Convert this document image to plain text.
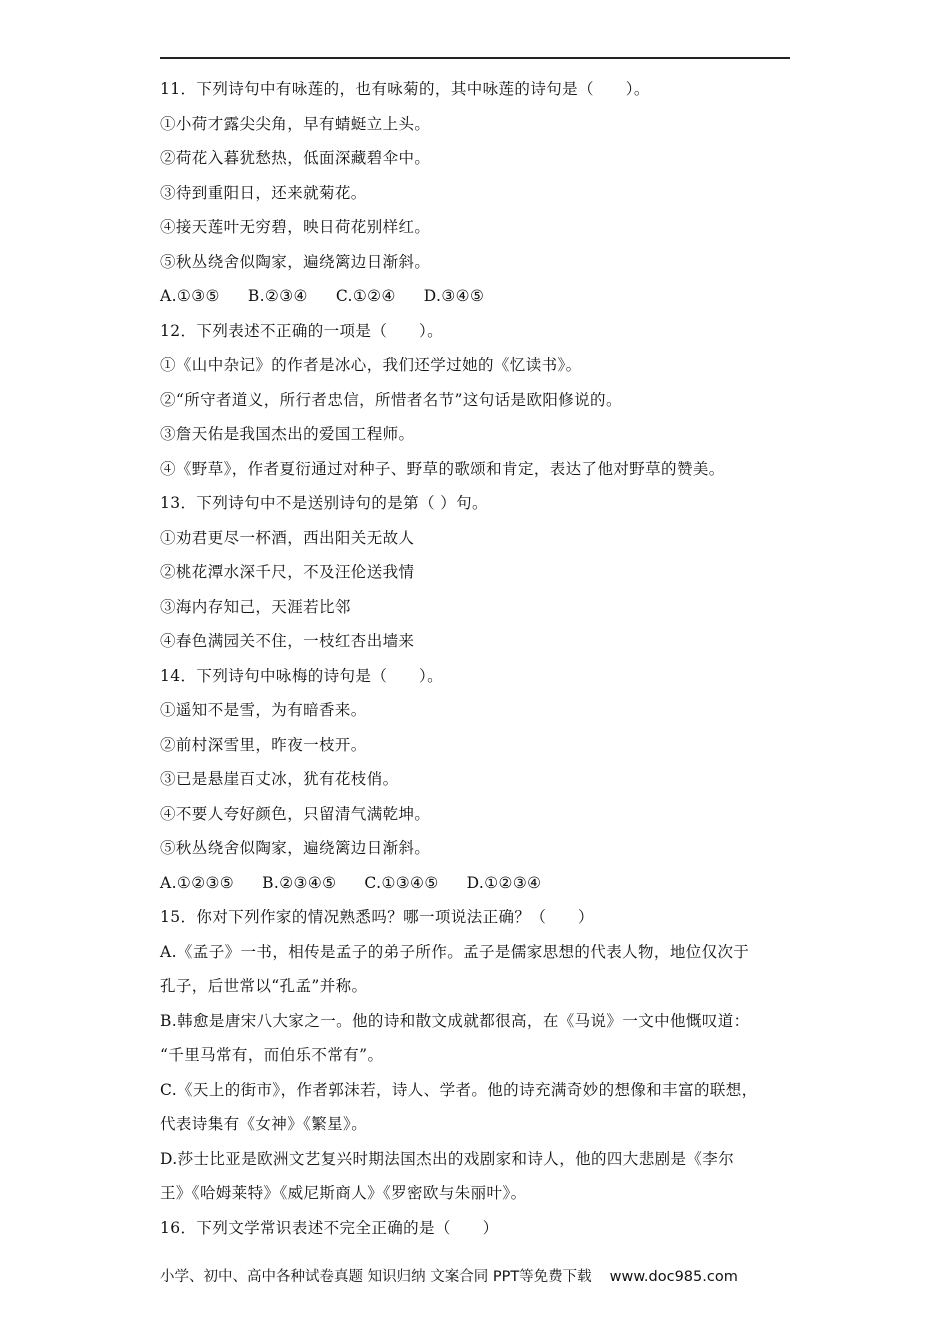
11．下列诗句中有咏莲的，也有咏菊的，其中咏莲的诗句是（　　）。
①小荷才露尖尖角，早有蜻蜓立上头。
②荷花入暮犹愁热，低面深藏碧伞中。
③待到重阳日，还来就菊花。
④接天莲叶无穷碧，映日荷花别样红。
⑤秋丛绕舍似陶家，遍绕篱边日渐斜。
A.①③⑤ B.②③④ C.①②④ D.③④⑤
12．下列表述不正确的一项是（　　）。
①《山中杂记》的作者是冰心，我们还学过她的《忆读书》。
②“所守者道义，所行者忠信，所惜者名节”这句话是欧阳修说的。
③詹天佑是我国杰出的爱国工程师。
④《野草》，作者夏衍通过对种子、野草的歌颂和肯定，表达了他对野草的赞美。
13．下列诗句中不是送别诗句的是第（ ）句。
①劝君更尽一杯酒，西出阳关无故人
②桃花潭水深千尺，不及汪伦送我情
③海内存知己，天涯若比邻
④春色满园关不住，一枝红杏出墙来
14．下列诗句中咏梅的诗句是（　　）。
①遥知不是雪，为有暗香来。
②前村深雪里，昨夜一枝开。
③已是悬崖百丈冰，犹有花枝俏。
④不要人夸好颜色，只留清气满乾坤。
⑤秋丛绕舍似陶家，遍绕篱边日渐斜。
A.①②③⑤ B.②③④⑤ C.①③④⑤ D.①②③④
15．你对下列作家的情况熟悉吗？哪一项说法正确？（　　）
A.《孟子》一书，相传是孟子的弟子所作。孟子是儒家思想的代表人物，地位仅次于
孔子，后世常以“孔孟”并称。
B.韩愈是唐宋八大家之一。他的诗和散文成就都很高，在《马说》一文中他慨叹道：
“千里马常有，而伯乐不常有”。
C.《天上的街市》，作者郭沫若，诗人、学者。他的诗充满奇妙的想像和丰富的联想，
代表诗集有《女神》《繁星》。
D.莎士比亚是欧洲文艺复兴时期法国杰出的戏剧家和诗人，他的四大悲剧是《李尔
王》《哈姆莱特》《威尼斯商人》《罗密欧与朱丽叶》。
16．下列文学常识表述不完全正确的是（　　）
小学、初中、高中各种试卷真题 知识归纳 文案合同 PPT等免费下载 www.doc985.com
